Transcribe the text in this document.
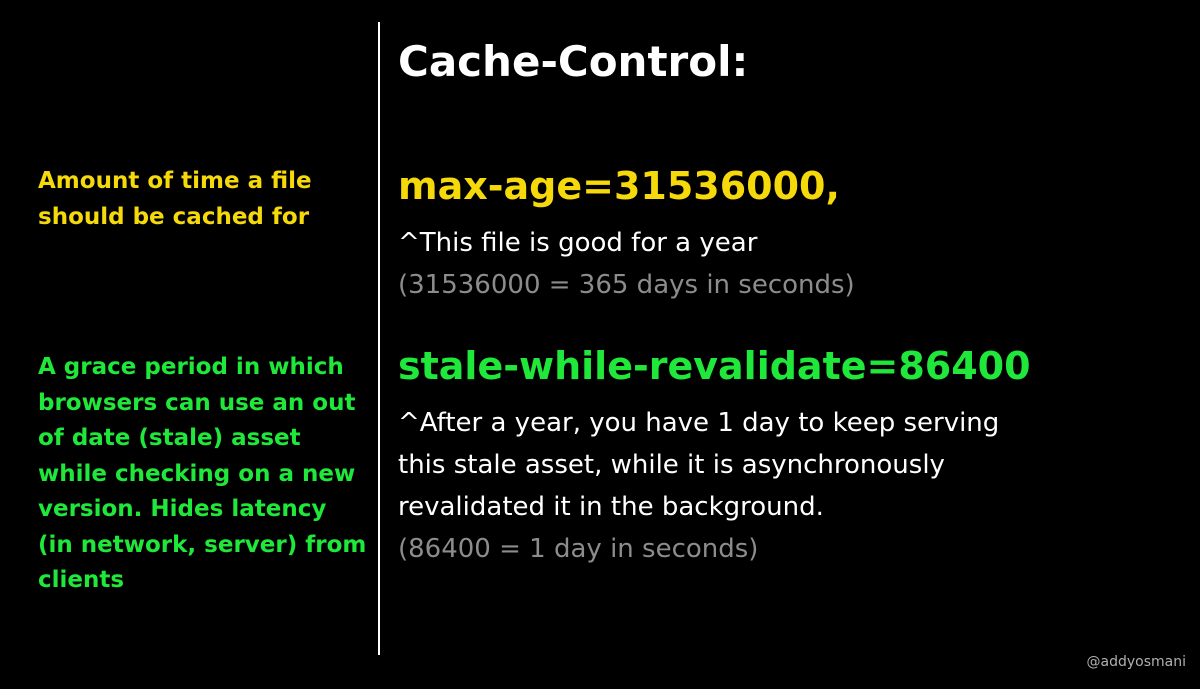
Cache-Control:

Amount of time a file should be cached for

max-age=31536000,
^This file is good for a year
(31536000 = 365 days in seconds)

A grace period in which browsers can use an out of date (stale) asset while checking on a new version. Hides latency (in network, server) from clients

stale-while-revalidate=86400
^After a year, you have 1 day to keep serving
this stale asset, while it is asynchronously
revalidated it in the background.
(86400 = 1 day in seconds)

@addyosmani
